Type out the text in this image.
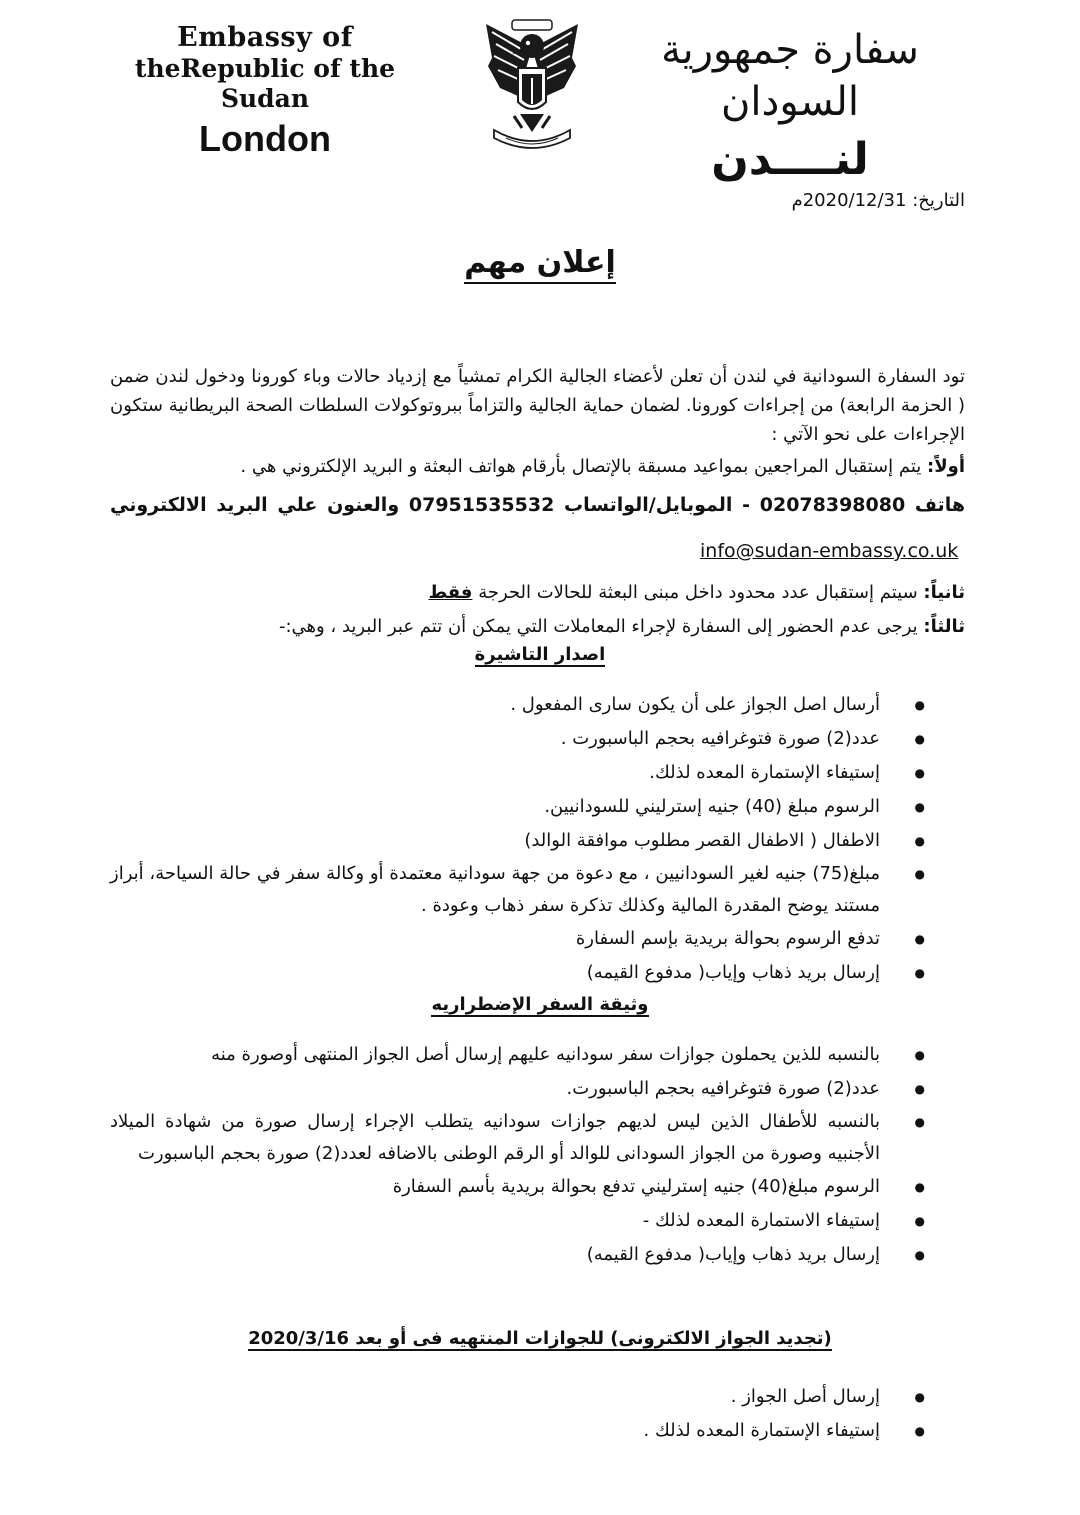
Embassy of
theRepublic of the Sudan
London
سفارة جمهورية السودان
لنــــدن
التاريخ: 2020/12/31م
إعلان مهم
تود السفارة السودانية في لندن أن تعلن لأعضاء الجالية الكرام تمشياً مع إزدياد حالات وباء كورونا ودخول لندن ضمن ( الحزمة الرابعة) من إجراءات كورونا. لضمان حماية الجالية والتزاماً ببروتوكولات السلطات الصحة البريطانية ستكون الإجراءات على نحو الآتي :
أولاً: يتم إستقبال المراجعين بمواعيد مسبقة بالإتصال بأرقام هواتف البعثة و البريد الإلكتروني هي .
هاتف 02078398080 - الموبايل/الواتساب 07951535532 والعنون علي البريد الالكتروني
info@sudan-embassy.co.uk
ثانياً: سيتم إستقبال عدد محدود داخل مبنى البعثة للحالات الحرجة فقط
ثالثاً: يرجى عدم الحضور إلى السفارة لإجراء المعاملات التي يمكن أن تتم عبر البريد ، وهي:-
اصدار التاشيرة
● أرسال اصل الجواز على أن يكون سارى المفعول .
● عدد(2) صورة فتوغرافيه بحجم الباسبورت .
● إستيفاء الإستمارة المعده لذلك.
● الرسوم مبلغ (40) جنيه إسترليني للسودانيين.
● الاطفال ( الاطفال القصر مطلوب موافقة الوالد)
● مبلغ(75) جنيه لغير السودانيين ، مع دعوة من جهة سودانية معتمدة أو وكالة سفر في حالة السياحة، أبراز مستند يوضح المقدرة المالية وكذلك تذكرة سفر ذهاب وعودة .
● تدفع الرسوم بحوالة بريدية بإسم السفارة
● إرسال بريد ذهاب وإياب( مدفوع القيمه)
وثيقة السفر الإضطراريه
● بالنسبه للذين يحملون جوازات سفر سودانيه عليهم إرسال أصل الجواز المنتهى أوصورة منه
● عدد(2) صورة فتوغرافيه بحجم الباسبورت.
● بالنسبه للأطفال الذين ليس لديهم جوازات سودانيه يتطلب الإجراء إرسال صورة من شهادة الميلاد الأجنبيه وصورة من الجواز السودانى للوالد أو الرقم الوطنى بالاضافه لعدد(2) صورة بحجم الباسبورت
● الرسوم مبلغ(40) جنيه إسترليني تدفع بحوالة بريدية بأسم السفارة
● إستيفاء الاستمارة المعده لذلك -
● إرسال بريد ذهاب وإياب( مدفوع القيمه)
(تجديد الجواز الالكترونى) للجوازات المنتهيه فى أو بعد 2020/3/16
● إرسال أصل الجواز .
● إستيفاء الإستمارة المعده لذلك .
